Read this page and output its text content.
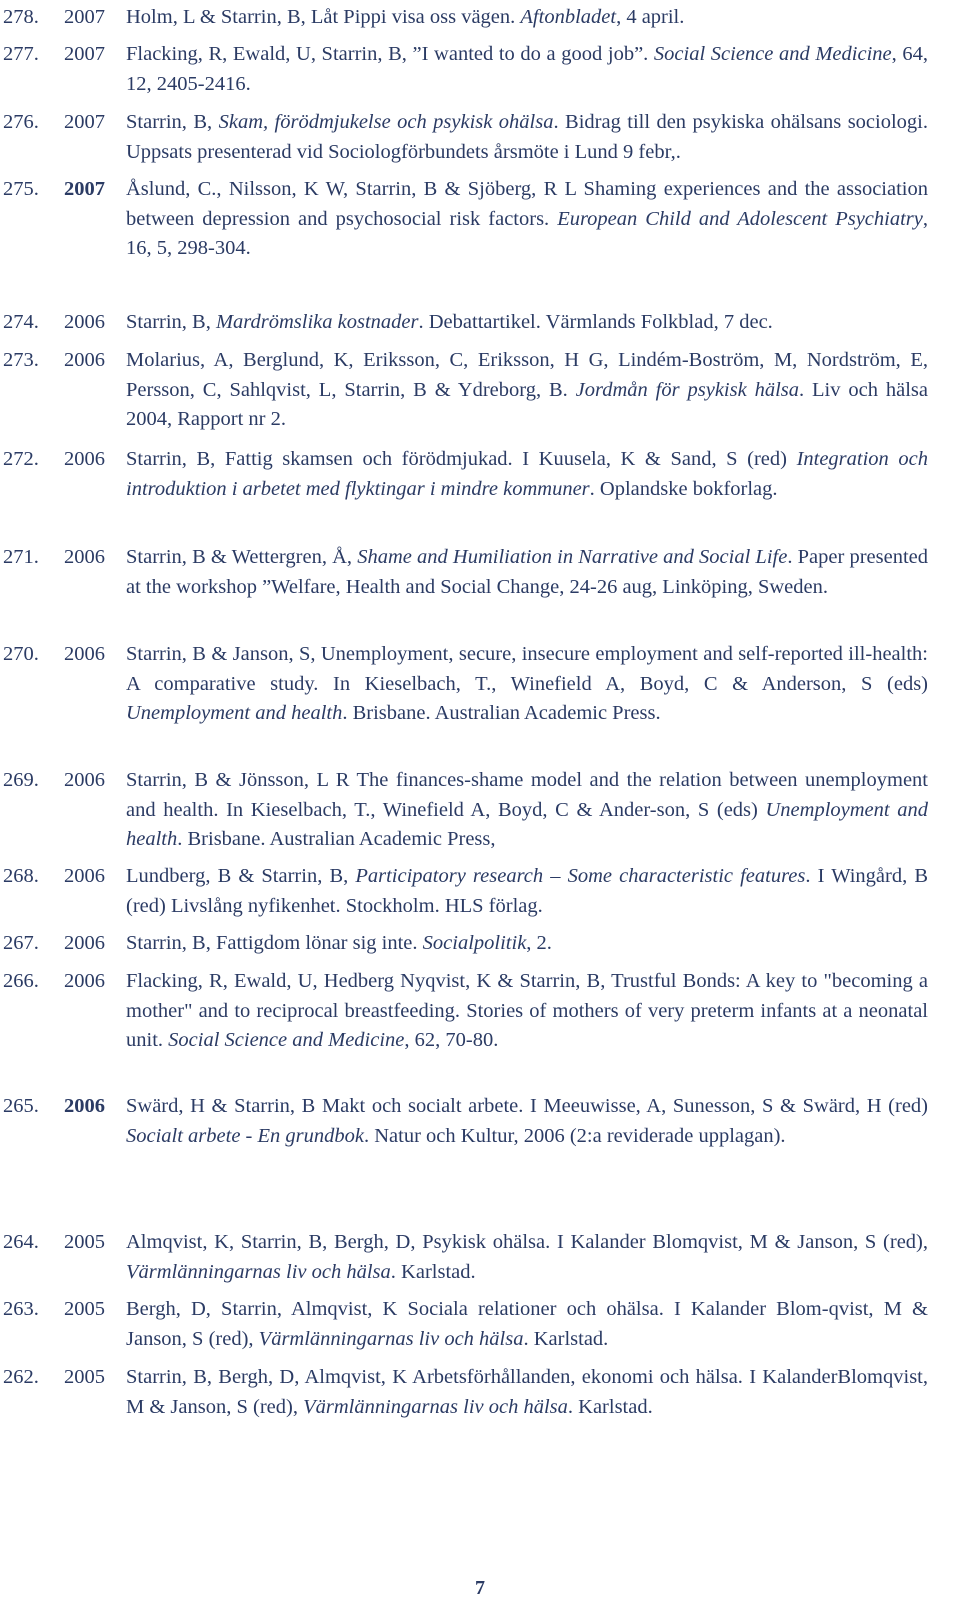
278.	2007	Holm, L & Starrin, B, Låt Pippi visa oss vägen. Aftonbladet, 4 april.
277.	2007	Flacking, R, Ewald, U, Starrin, B, ”I wanted to do a good job”. Social Science and Medicine, 64, 12, 2405-2416.
276.	2007	Starrin, B, Skam, förödmjukelse och psykisk ohälsa. Bidrag till den psykiska ohälsans sociologi. Uppsats presenterad vid Sociologförbundets årsmöte i Lund 9 febr,.
275.	2007	Åslund, C., Nilsson, K W, Starrin, B & Sjöberg, R L Shaming experiences and the association between depression and psychosocial risk factors. European Child and Adolescent Psychiatry, 16, 5, 298-304.
274.	2006	Starrin, B, Mardrömslika kostnader. Debattartikel. Värmlands Folkblad, 7 dec.
273.	2006	Molarius, A, Berglund, K, Eriksson, C, Eriksson, H G, Lindém-Boström, M, Nordström, E, Persson, C, Sahlqvist, L, Starrin, B & Ydreborg, B. Jordmån för psykisk hälsa. Liv och hälsa 2004, Rapport nr 2.
272.	2006	Starrin, B, Fattig skamsen och förödmjukad. I Kuusela, K & Sand, S (red) Integration och introduktion i arbetet med flyktingar i mindre kommuner. Oplandske bokforlag.
271.	2006	Starrin, B & Wettergren, Å, Shame and Humiliation in Narrative and Social Life. Paper presented at the workshop ”Welfare, Health and Social Change, 24-26 aug, Linköping, Sweden.
270.	2006	Starrin, B & Janson, S, Unemployment, secure, insecure employment and self-reported ill-health: A comparative study. In Kieselbach, T., Winefield A, Boyd, C & Anderson, S (eds) Unemployment and health. Brisbane. Australian Academic Press.
269.	2006	Starrin, B & Jönsson, L R The finances-shame model and the relation between unemployment and health. In Kieselbach, T., Winefield A, Boyd, C & Ander-son, S (eds) Unemployment and health. Brisbane. Australian Academic Press,
268.	2006	Lundberg, B & Starrin, B, Participatory research – Some characteristic features. I Wingård, B (red) Livslång nyfikenhet. Stockholm. HLS förlag.
267.	2006	Starrin, B, Fattigdom lönar sig inte. Socialpolitik, 2.
266.	2006	Flacking, R, Ewald, U, Hedberg Nyqvist, K & Starrin, B, Trustful Bonds: A key to "becoming a mother" and to reciprocal breastfeeding. Stories of mothers of very preterm infants at a neonatal unit. Social Science and Medicine, 62, 70-80.
265.	2006	Swärd, H & Starrin, B Makt och socialt arbete. I Meeuwisse, A, Sunesson, S & Swärd, H (red) Socialt arbete - En grundbok. Natur och Kultur, 2006 (2:a reviderade upplagan).
264.	2005	Almqvist, K, Starrin, B, Bergh, D, Psykisk ohälsa. I Kalander Blomqvist, M & Janson, S (red), Värmlänningarnas liv och hälsa. Karlstad.
263.	2005	Bergh, D, Starrin, Almqvist, K Sociala relationer och ohälsa. I Kalander Blom-qvist, M & Janson, S (red), Värmlänningarnas liv och hälsa. Karlstad.
262.	2005	Starrin, B, Bergh, D, Almqvist, K Arbetsförhållanden, ekonomi och hälsa. I KalanderBlomqvist, M & Janson, S (red), Värmlänningarnas liv och hälsa. Karlstad.
7
